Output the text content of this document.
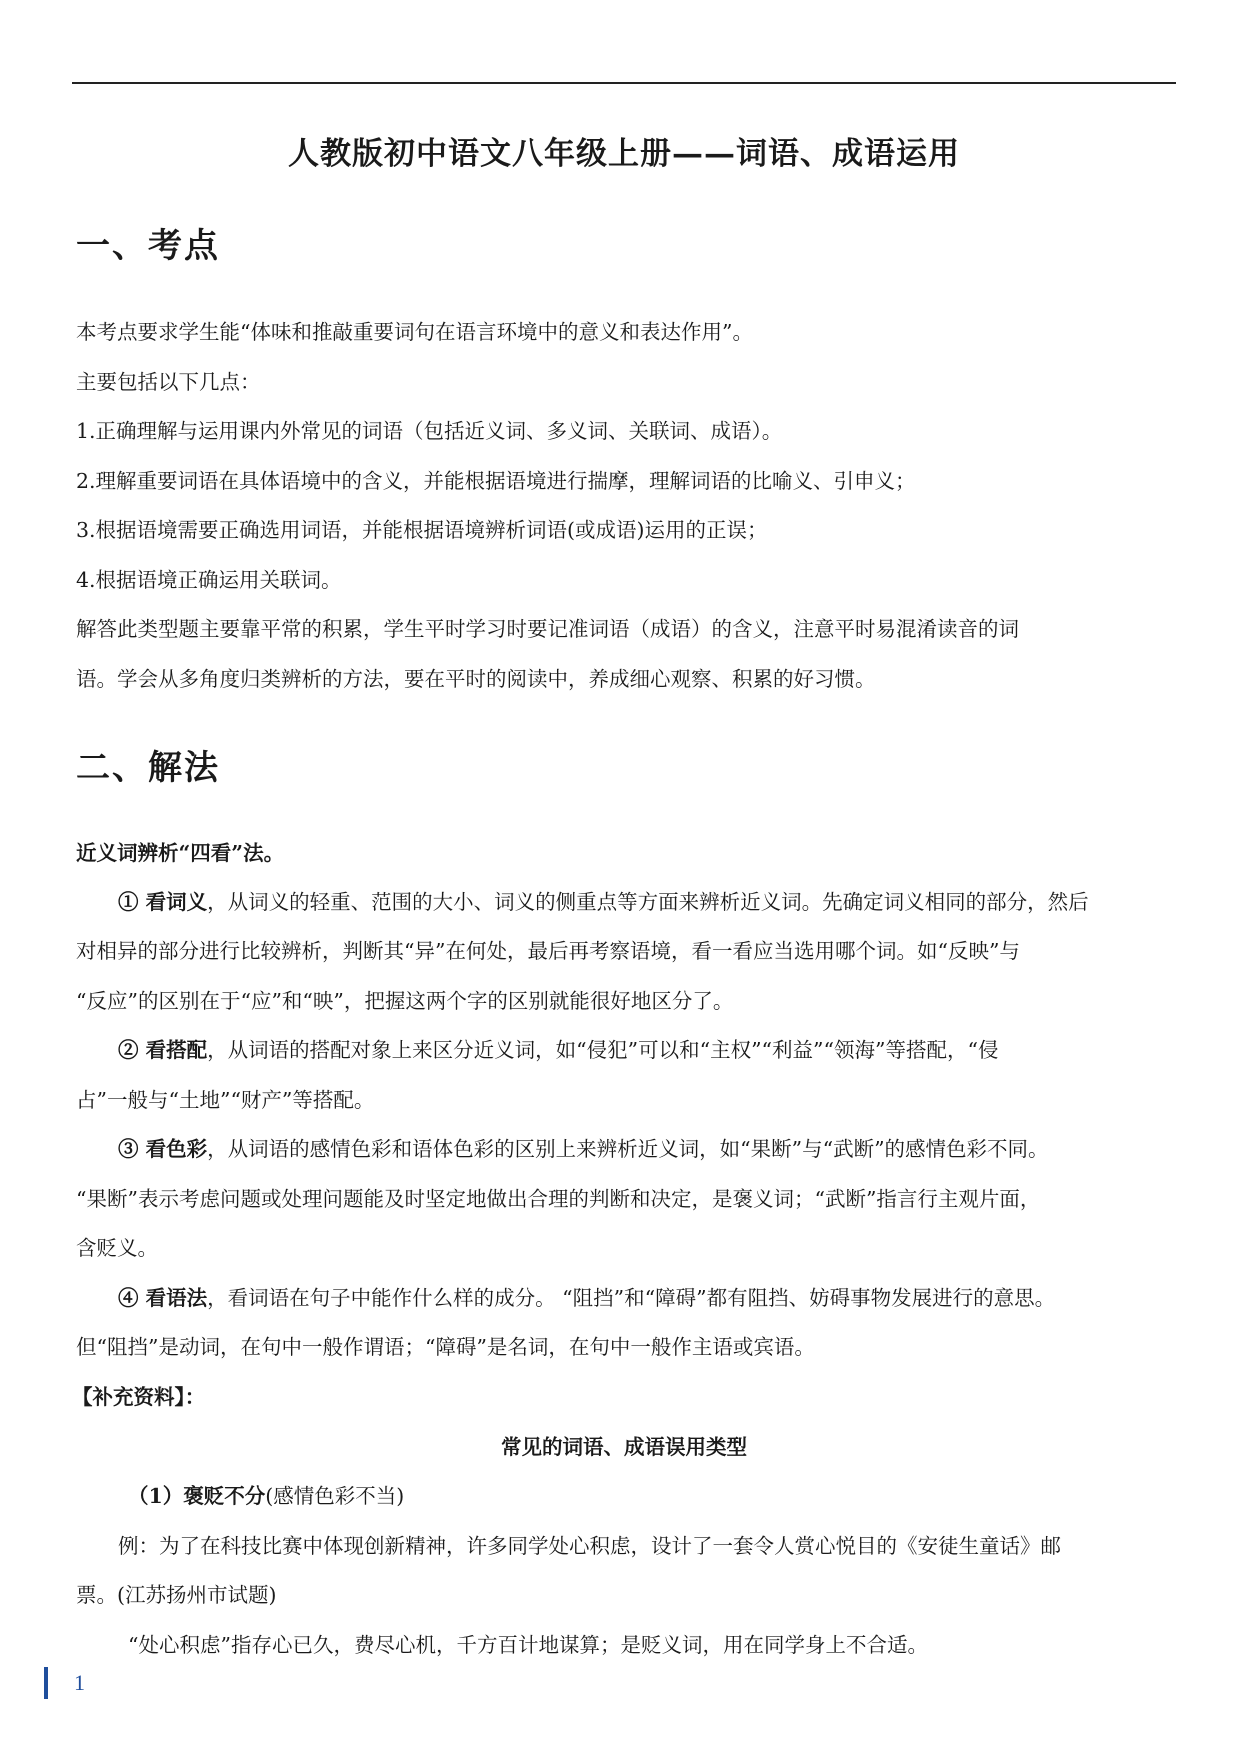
人教版初中语文八年级上册——词语、成语运用
一、考点
本考点要求学生能“体味和推敲重要词句在语言环境中的意义和表达作用”。
主要包括以下几点：
1.正确理解与运用课内外常见的词语（包括近义词、多义词、关联词、成语）。
2.理解重要词语在具体语境中的含义，并能根据语境进行揣摩，理解词语的比喻义、引申义；
3.根据语境需要正确选用词语，并能根据语境辨析词语(或成语)运用的正误；
4.根据语境正确运用关联词。
解答此类型题主要靠平常的积累，学生平时学习时要记准词语（成语）的含义，注意平时易混淆读音的词
语。学会从多角度归类辨析的方法，要在平时的阅读中，养成细心观察、积累的好习惯。
二、解法
近义词辨析“四看”法。
① 看词义，从词义的轻重、范围的大小、词义的侧重点等方面来辨析近义词。先确定词义相同的部分，然后
对相异的部分进行比较辨析，判断其“异”在何处，最后再考察语境，看一看应当选用哪个词。如“反映”与
“反应”的区别在于“应”和“映”，把握这两个字的区别就能很好地区分了。
② 看搭配，从词语的搭配对象上来区分近义词，如“侵犯”可以和“主权”“利益”“领海”等搭配，“侵
占”一般与“土地”“财产”等搭配。
③ 看色彩，从词语的感情色彩和语体色彩的区别上来辨析近义词，如“果断”与“武断”的感情色彩不同。
“果断”表示考虑问题或处理问题能及时坚定地做出合理的判断和决定，是褒义词；“武断”指言行主观片面，
含贬义。
④ 看语法，看词语在句子中能作什么样的成分。 “阻挡”和“障碍”都有阻挡、妨碍事物发展进行的意思。
但“阻挡”是动词，在句中一般作谓语；“障碍”是名词，在句中一般作主语或宾语。
【补充资料】：
常见的词语、成语误用类型
（1）褒贬不分(感情色彩不当)
例：为了在科技比赛中体现创新精神，许多同学处心积虑，设计了一套令人赏心悦目的《安徒生童话》邮
票。(江苏扬州市试题)
“处心积虑”指存心已久，费尽心机，千方百计地谋算；是贬义词，用在同学身上不合适。
1
